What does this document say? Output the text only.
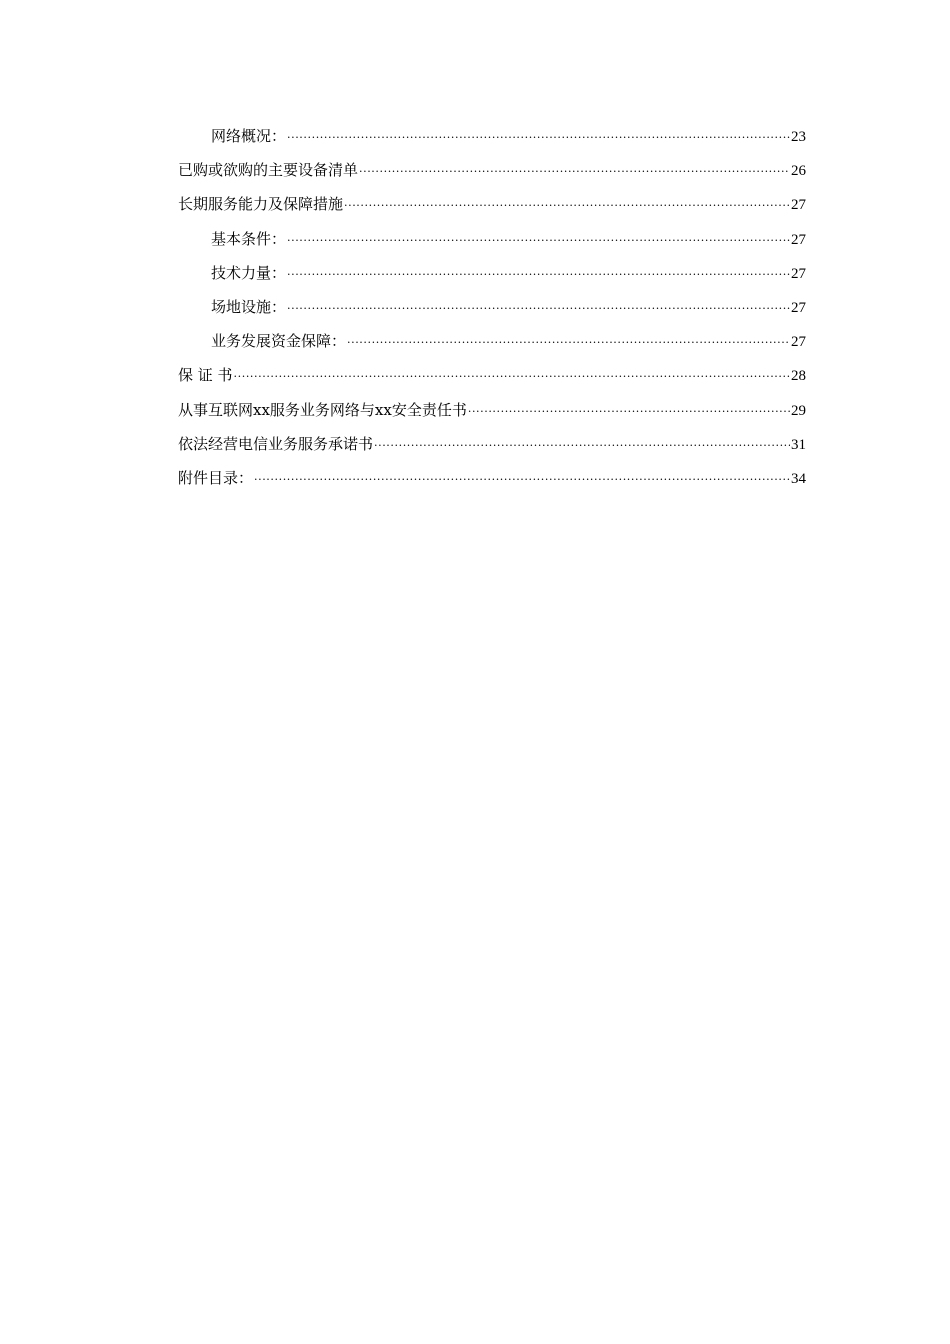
网络概况： .....	23
已购或欲购的主要设备清单 .....	26
长期服务能力及保障措施 .....	27
基本条件： .....	27
技术力量： .....	27
场地设施： .....	27
业务发展资金保障： .....	27
保 证 书 .....	28
从事互联网xx服务业务网络与xx安全责任书 .....	29
依法经营电信业务服务承诺书 .....	31
附件目录： .....	34
